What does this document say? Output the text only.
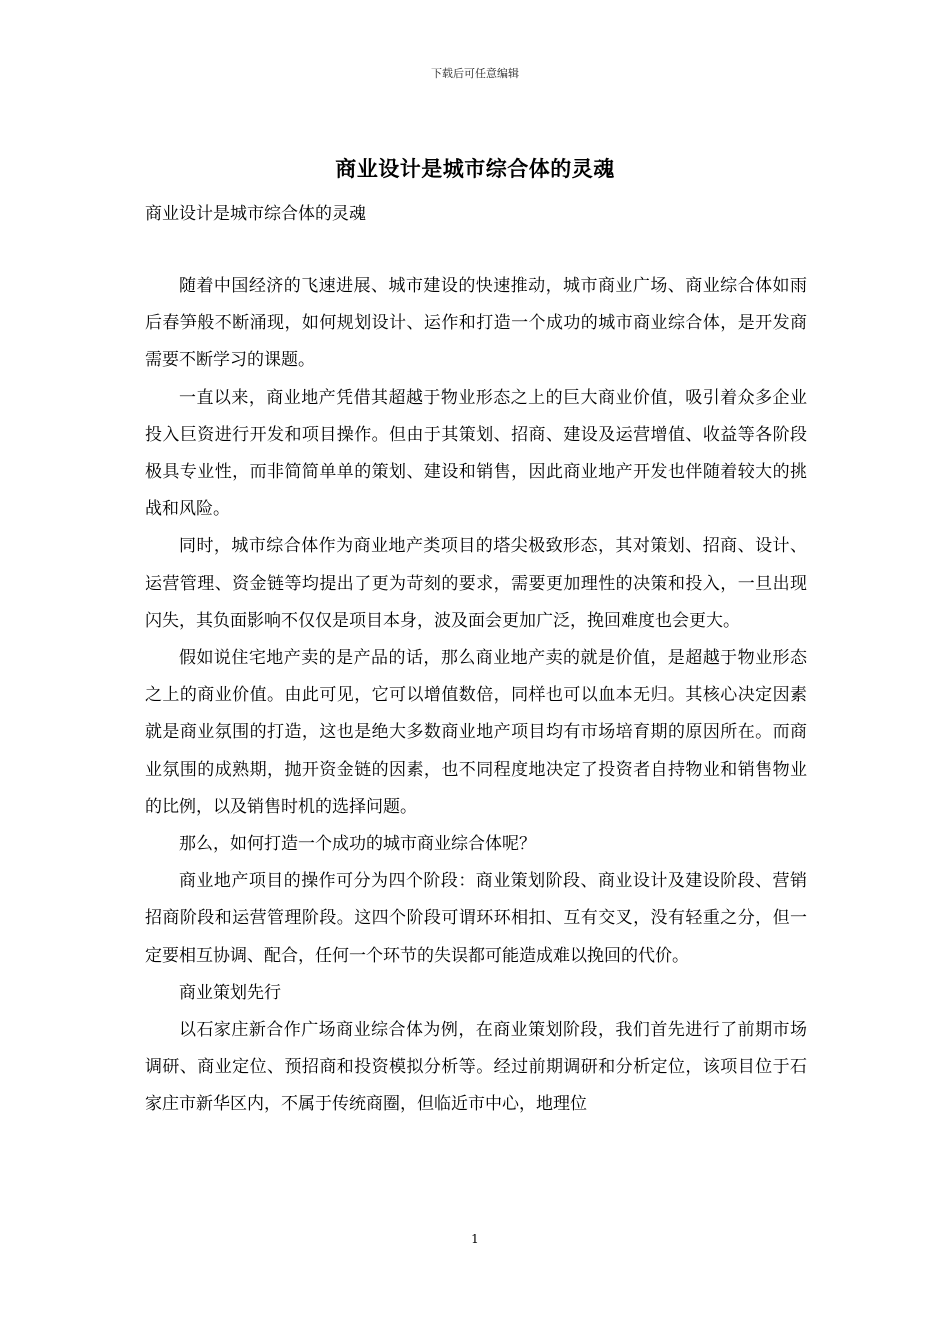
下载后可任意编辑
商业设计是城市综合体的灵魂
商业设计是城市综合体的灵魂

随着中国经济的飞速进展、城市建设的快速推动，城市商业广场、商业综合体如雨后春笋般不断涌现，如何规划设计、运作和打造一个成功的城市商业综合体，是开发商需要不断学习的课题。

一直以来，商业地产凭借其超越于物业形态之上的巨大商业价值，吸引着众多企业投入巨资进行开发和项目操作。但由于其策划、招商、建设及运营增值、收益等各阶段极具专业性，而非简简单单的策划、建设和销售，因此商业地产开发也伴随着较大的挑战和风险。

同时，城市综合体作为商业地产类项目的塔尖极致形态，其对策划、招商、设计、运营管理、资金链等均提出了更为苛刻的要求，需要更加理性的决策和投入，一旦出现闪失，其负面影响不仅仅是项目本身，波及面会更加广泛，挽回难度也会更大。

假如说住宅地产卖的是产品的话，那么商业地产卖的就是价值，是超越于物业形态之上的商业价值。由此可见，它可以增值数倍，同样也可以血本无归。其核心决定因素就是商业氛围的打造，这也是绝大多数商业地产项目均有市场培育期的原因所在。而商业氛围的成熟期，抛开资金链的因素，也不同程度地决定了投资者自持物业和销售物业的比例，以及销售时机的选择问题。

那么，如何打造一个成功的城市商业综合体呢？

商业地产项目的操作可分为四个阶段：商业策划阶段、商业设计及建设阶段、营销招商阶段和运营管理阶段。这四个阶段可谓环环相扣、互有交叉，没有轻重之分，但一定要相互协调、配合，任何一个环节的失误都可能造成难以挽回的代价。

商业策划先行

以石家庄新合作广场商业综合体为例，在商业策划阶段，我们首先进行了前期市场调研、商业定位、预招商和投资模拟分析等。经过前期调研和分析定位，该项目位于石家庄市新华区内，不属于传统商圈，但临近市中心，地理位

1
